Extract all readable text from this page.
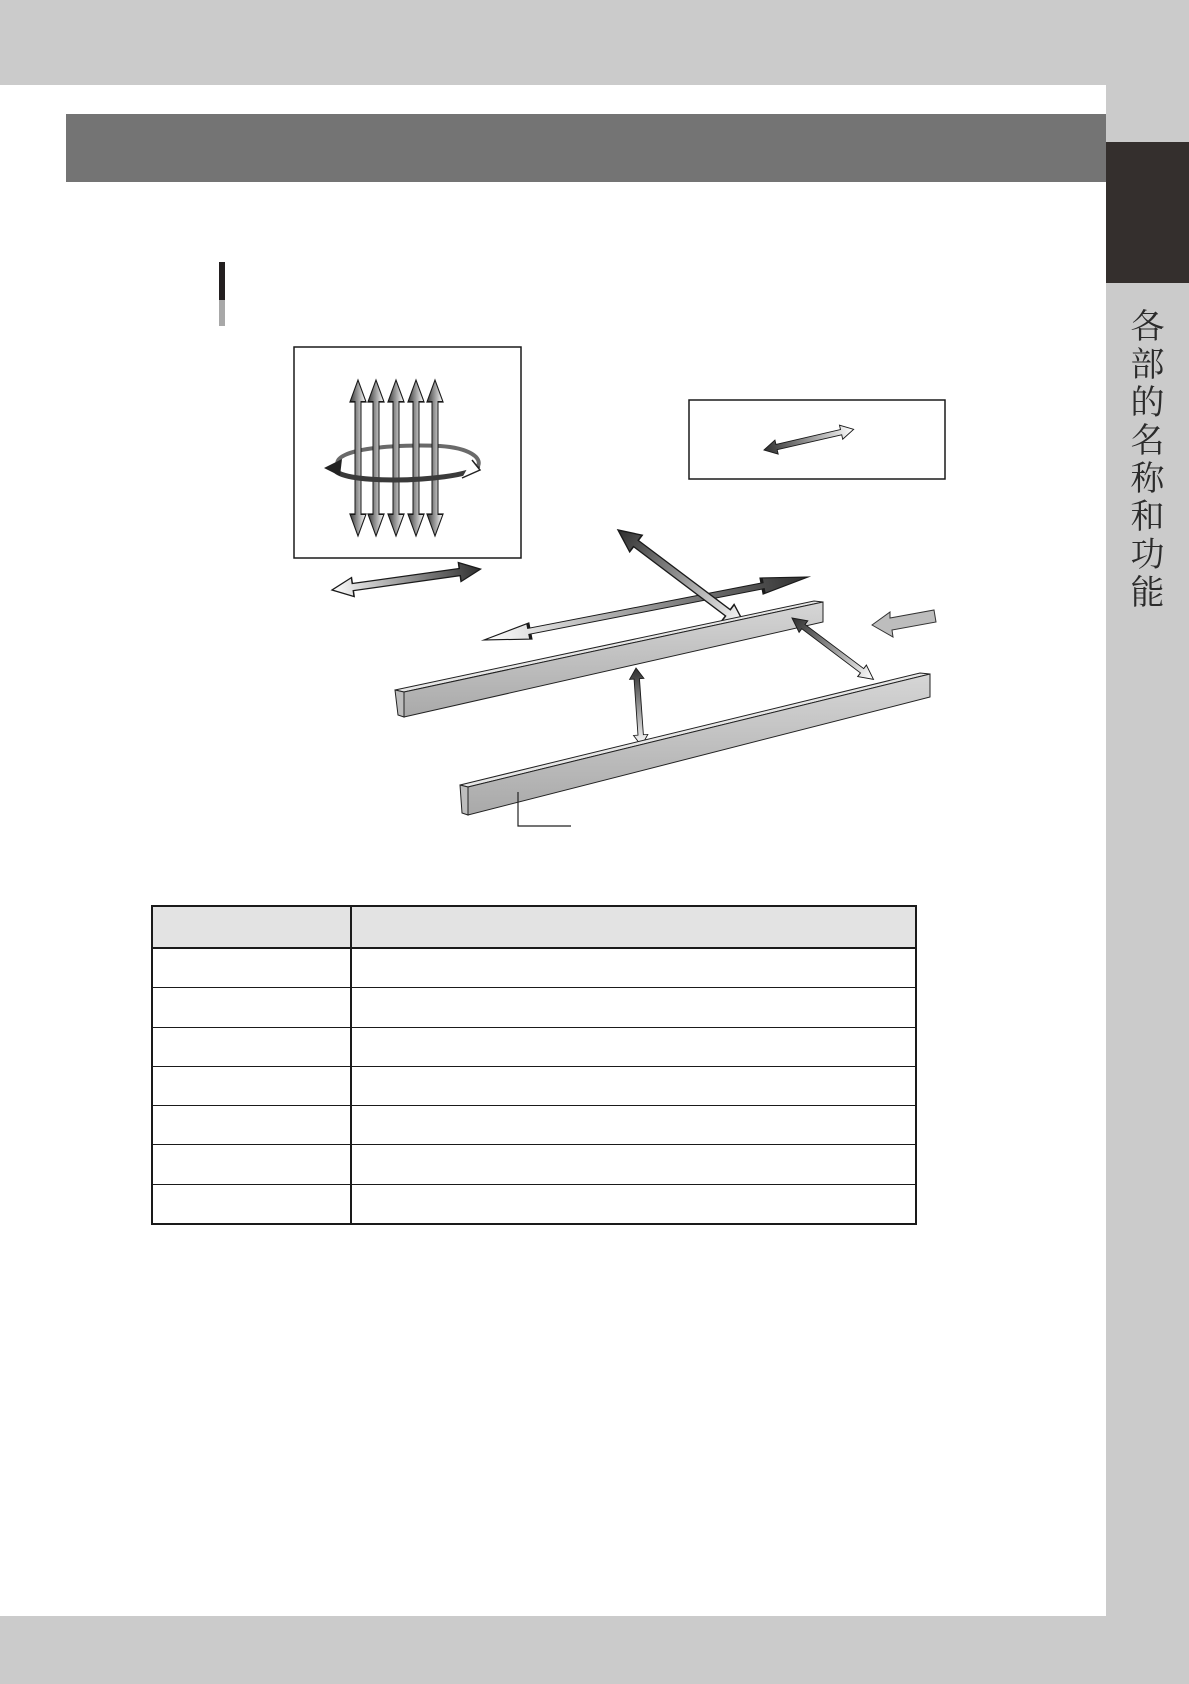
各
部
的
名
称
和
功
能
